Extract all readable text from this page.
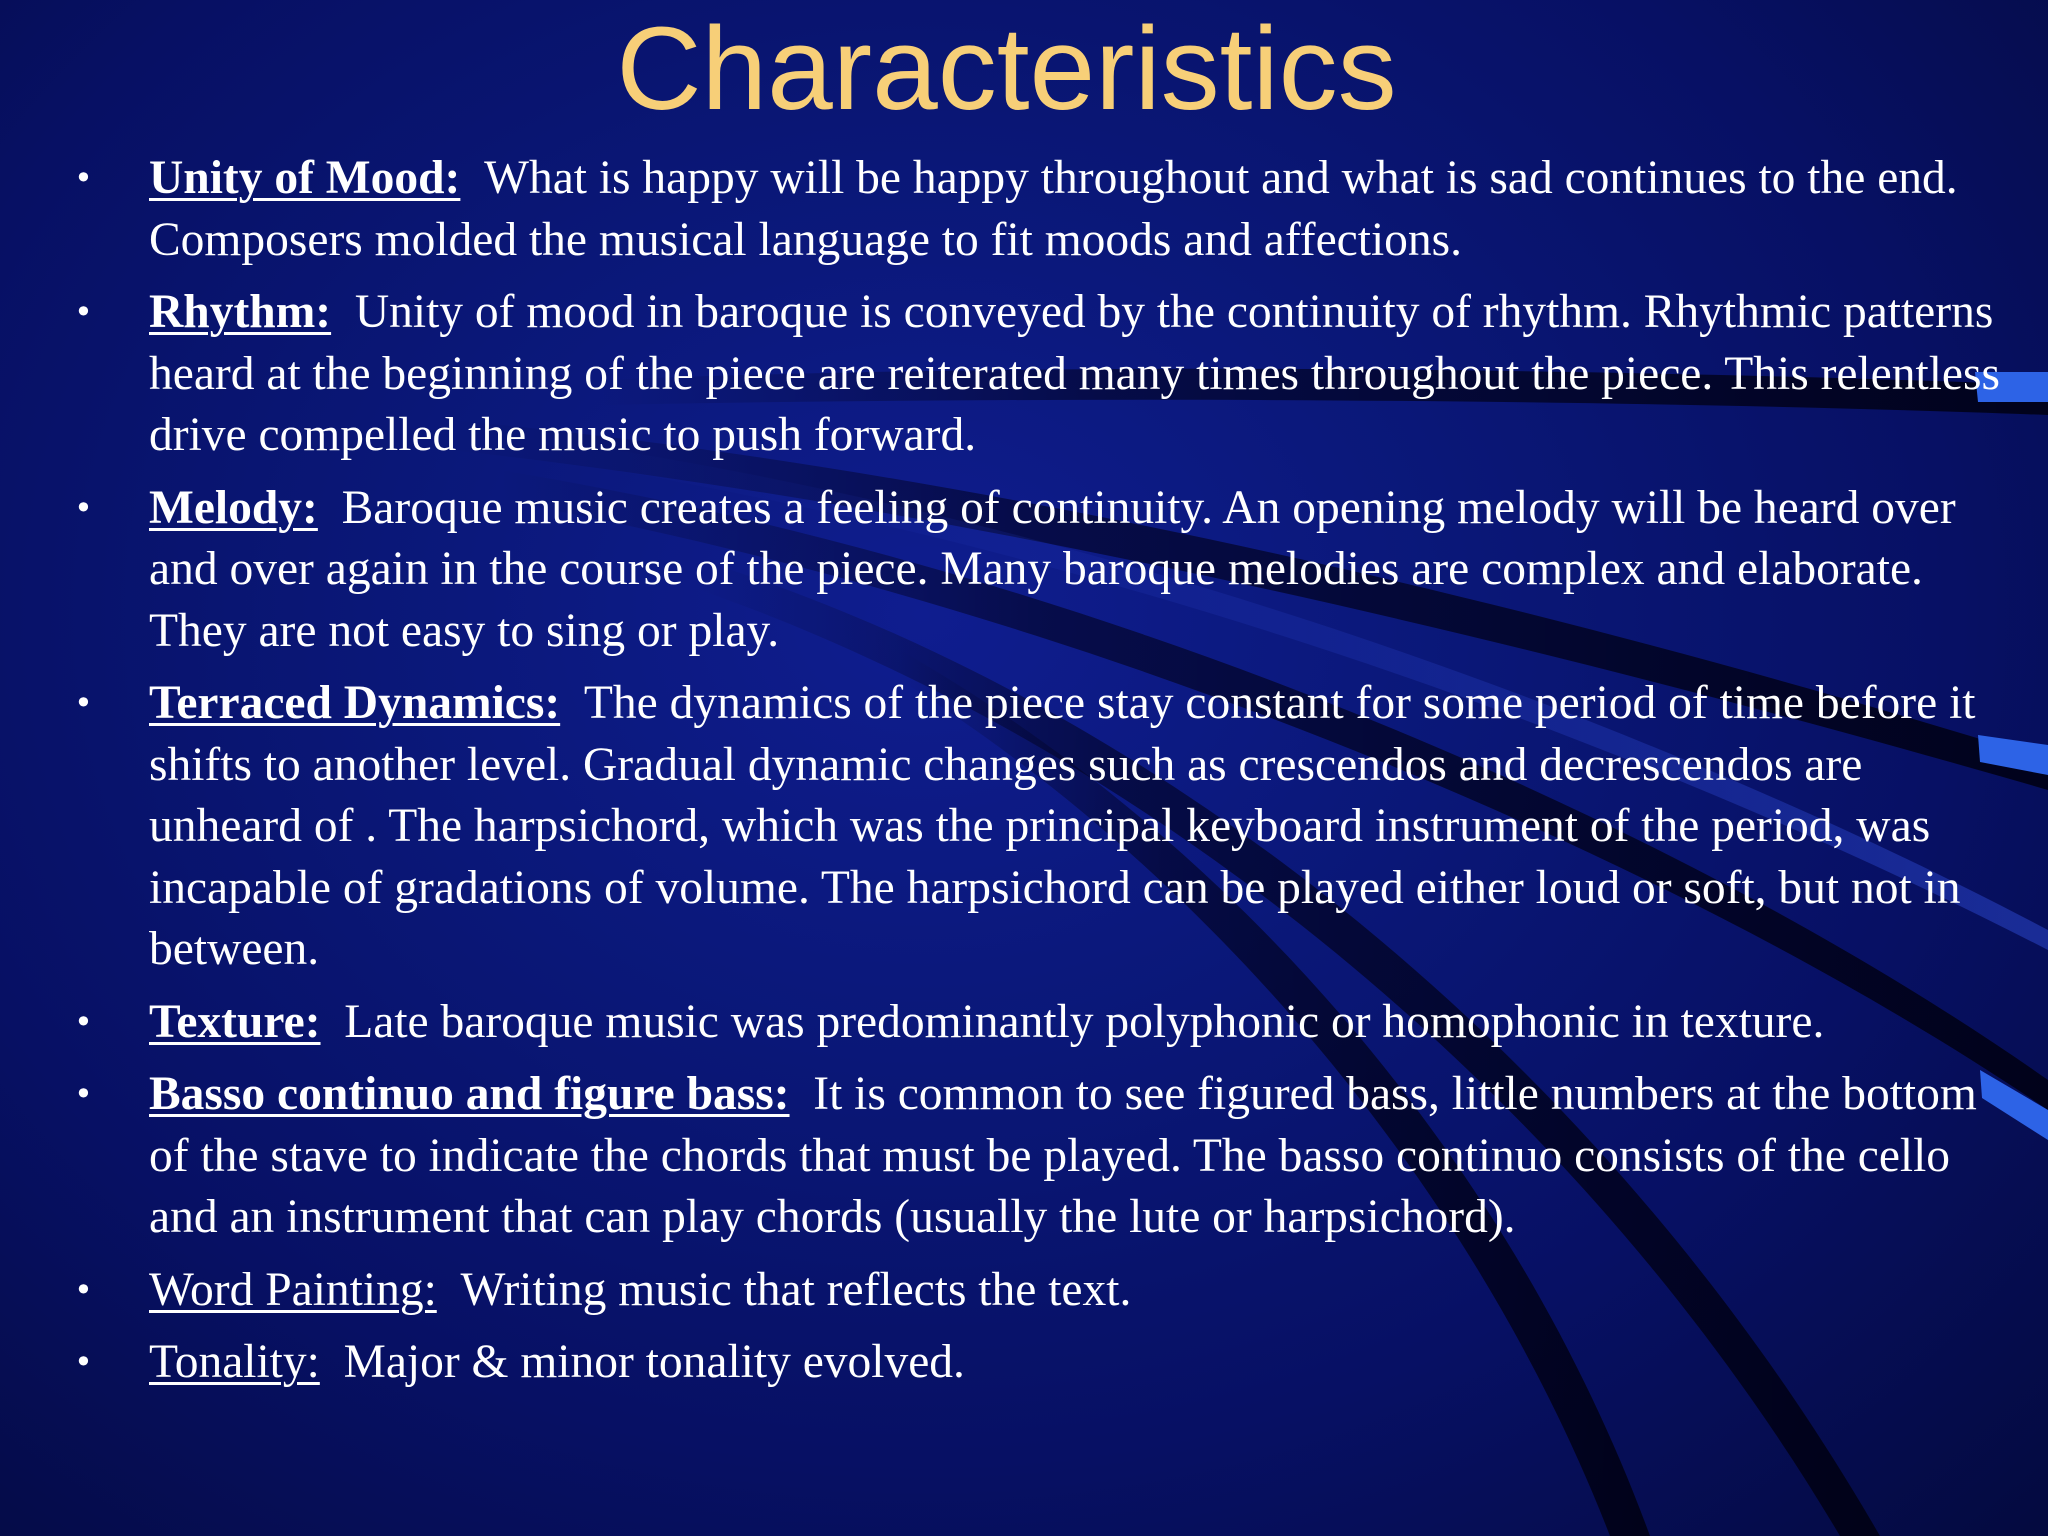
Characteristics
• Unity of Mood: What is happy will be happy throughout and what is sad continues to the end. Composers molded the musical language to fit moods and affections.
• Rhythm: Unity of mood in baroque is conveyed by the continuity of rhythm. Rhythmic patterns heard at the beginning of the piece are reiterated many times throughout the piece. This relentless drive compelled the music to push forward.
• Melody: Baroque music creates a feeling of continuity. An opening melody will be heard over and over again in the course of the piece. Many baroque melodies are complex and elaborate. They are not easy to sing or play.
• Terraced Dynamics: The dynamics of the piece stay constant for some period of time before it shifts to another level. Gradual dynamic changes such as crescendos and decrescendos are unheard of . The harpsichord, which was the principal keyboard instrument of the period, was incapable of gradations of volume. The harpsichord can be played either loud or soft, but not in between.
• Texture: Late baroque music was predominantly polyphonic or homophonic in texture.
• Basso continuo and figure bass: It is common to see figured bass, little numbers at the bottom of the stave to indicate the chords that must be played. The basso continuo consists of the cello and an instrument that can play chords (usually the lute or harpsichord).
• Word Painting: Writing music that reflects the text.
• Tonality: Major & minor tonality evolved.
